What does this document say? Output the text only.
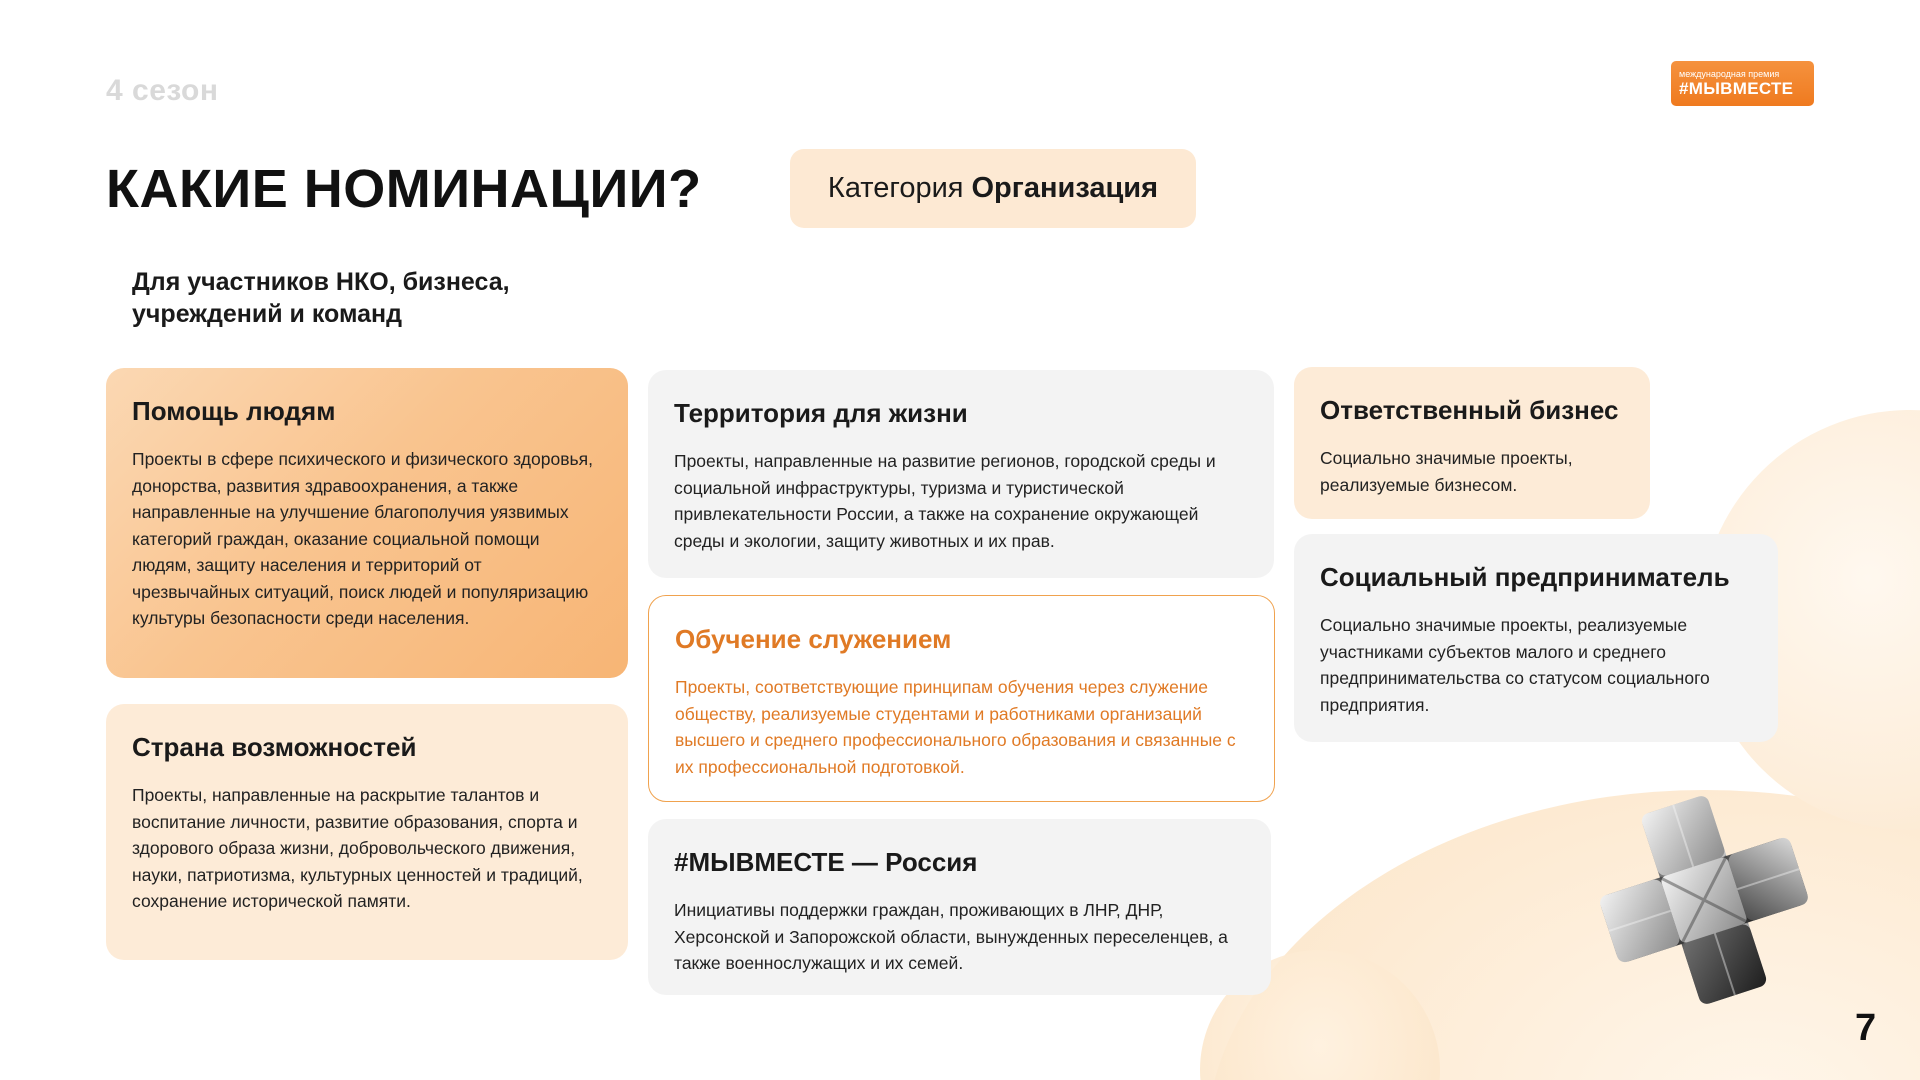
4 сезон	международная премия
#МЫВМЕСТЕ
КАКИЕ НОМИНАЦИИ?	Категория Организация
Для участников НКО, бизнеса,
учреждений и команд
Помощь людям

Проекты в сфере психического и физического здоровья, донорства, развития здравоохранения, а также направленные на улучшение благополучия уязвимых категорий граждан, оказание социальной помощи людям, защиту населения и территорий от чрезвычайных ситуаций, поиск людей и популяризацию культуры безопасности среди населения.

Страна возможностей

Проекты, направленные на раскрытие талантов и воспитание личности, развитие образования, спорта и здорового образа жизни, добровольческого движения, науки, патриотизма, культурных ценностей и традиций, сохранение исторической памяти.

Территория для жизни

Проекты, направленные на развитие регионов, городской среды и социальной инфраструктуры, туризма и туристической привлекательности России, а также на сохранение окружающей среды и экологии, защиту животных и их прав.

Обучение служением

Проекты, соответствующие принципам обучения через служение обществу, реализуемые студентами и работниками организаций высшего и среднего профессионального образования и связанные с их профессиональной подготовкой.

#МЫВМЕСТЕ — Россия

Инициативы поддержки граждан, проживающих в ЛНР, ДНР, Херсонской и Запорожской области, вынужденных переселенцев, а также военнослужащих и их семей.

Ответственный бизнес

Социально значимые проекты, реализуемые бизнесом.

Социальный предприниматель

Социально значимые проекты, реализуемые участниками субъектов малого и среднего предпринимательства со статусом социального предприятия.

7
